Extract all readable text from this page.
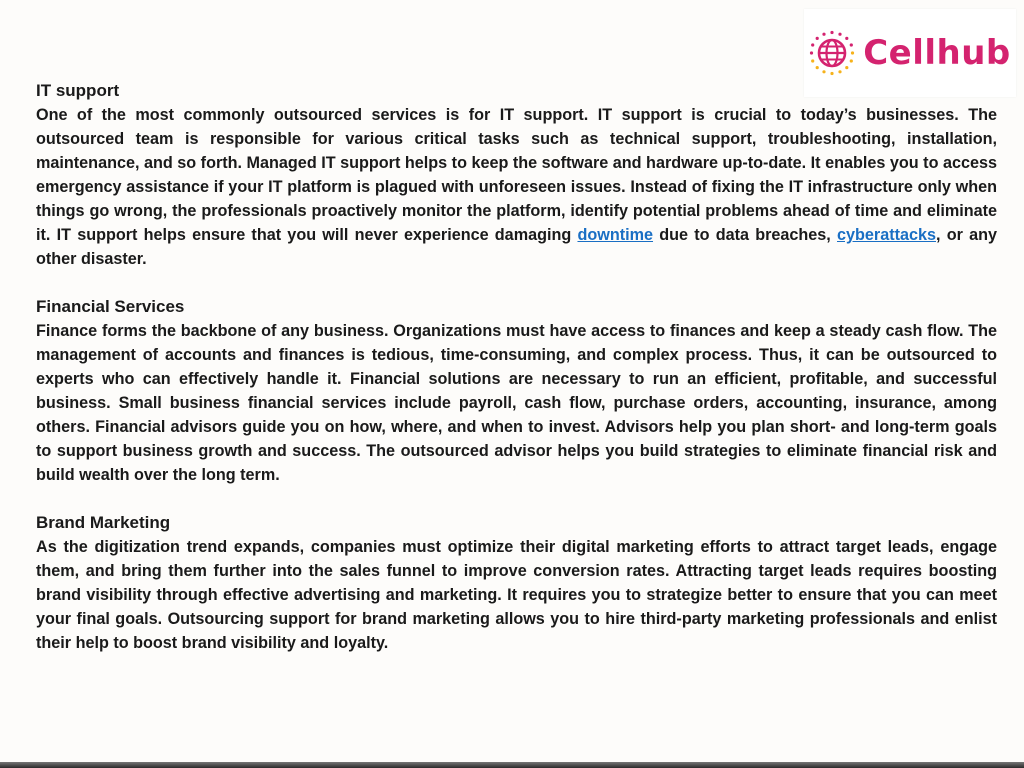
Cellhub

IT support

One of the most commonly outsourced services is for IT support. IT support is crucial to today’s businesses. The outsourced team is responsible for various critical tasks such as technical support, troubleshooting, installation, maintenance, and so forth. Managed IT support helps to keep the software and hardware up-to-date. It enables you to access emergency assistance if your IT platform is plagued with unforeseen issues. Instead of fixing the IT infrastructure only when things go wrong, the professionals proactively monitor the platform, identify potential problems ahead of time and eliminate it. IT support helps ensure that you will never experience damaging downtime due to data breaches, cyberattacks, or any other disaster.

Financial Services

Finance forms the backbone of any business. Organizations must have access to finances and keep a steady cash flow. The management of accounts and finances is tedious, time-consuming, and complex process. Thus, it can be outsourced to experts who can effectively handle it. Financial solutions are necessary to run an efficient, profitable, and successful business. Small business financial services include payroll, cash flow, purchase orders, accounting, insurance, among others. Financial advisors guide you on how, where, and when to invest. Advisors help you plan short- and long-term goals to support business growth and success. The outsourced advisor helps you build strategies to eliminate financial risk and build wealth over the long term.

Brand Marketing

As the digitization trend expands, companies must optimize their digital marketing efforts to attract target leads, engage them, and bring them further into the sales funnel to improve conversion rates. Attracting target leads requires boosting brand visibility through effective advertising and marketing. It requires you to strategize better to ensure that you can meet your final goals. Outsourcing support for brand marketing allows you to hire third-party marketing professionals and enlist their help to boost brand visibility and loyalty.
